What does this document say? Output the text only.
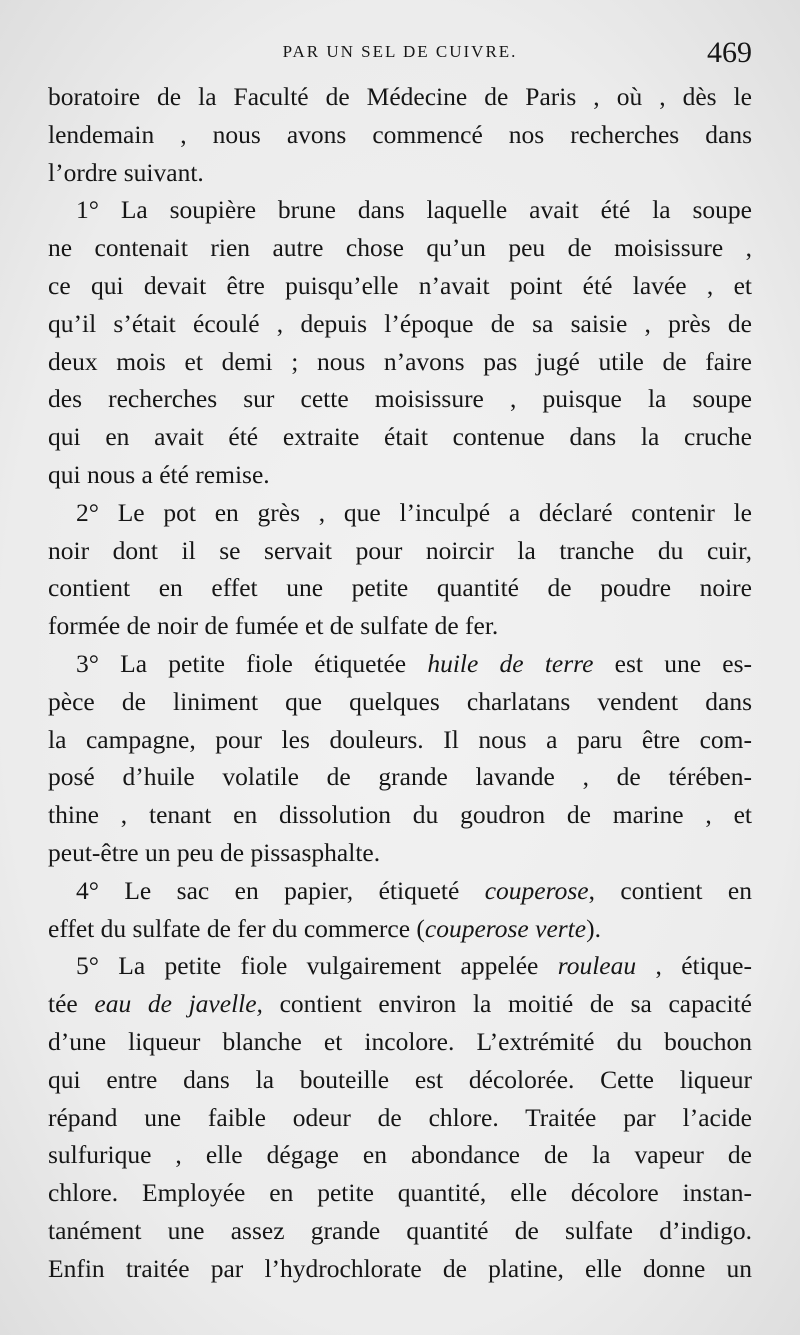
PAR UN SEL DE CUIVRE.	469
boratoire de la Faculté de Médecine de Paris , où , dès le
lendemain , nous avons commencé nos recherches dans
l’ordre suivant.
1° La soupière brune dans laquelle avait été la soupe
ne contenait rien autre chose qu’un peu de moisissure ,
ce qui devait être puisqu’elle n’avait point été lavée , et
qu’il s’était écoulé , depuis l’époque de sa saisie , près de
deux mois et demi ; nous n’avons pas jugé utile de faire
des recherches sur cette moisissure , puisque la soupe
qui en avait été extraite était contenue dans la cruche
qui nous a été remise.
2° Le pot en grès , que l’inculpé a déclaré contenir le
noir dont il se servait pour noircir la tranche du cuir,
contient en effet une petite quantité de poudre noire
formée de noir de fumée et de sulfate de fer.
3° La petite fiole étiquetée huile de terre est une es-
pèce de liniment que quelques charlatans vendent dans
la campagne, pour les douleurs. Il nous a paru être com-
posé d’huile volatile de grande lavande , de térében-
thine , tenant en dissolution du goudron de marine , et
peut-être un peu de pissasphalte.
4° Le sac en papier, étiqueté couperose, contient en
effet du sulfate de fer du commerce (couperose verte).
5° La petite fiole vulgairement appelée rouleau , étique-
tée eau de javelle, contient environ la moitié de sa capacité
d’une liqueur blanche et incolore. L’extrémité du bouchon
qui entre dans la bouteille est décolorée. Cette liqueur
répand une faible odeur de chlore. Traitée par l’acide
sulfurique , elle dégage en abondance de la vapeur de
chlore. Employée en petite quantité, elle décolore instan-
tanément une assez grande quantité de sulfate d’indigo.
Enfin traitée par l’hydrochlorate de platine, elle donne un
